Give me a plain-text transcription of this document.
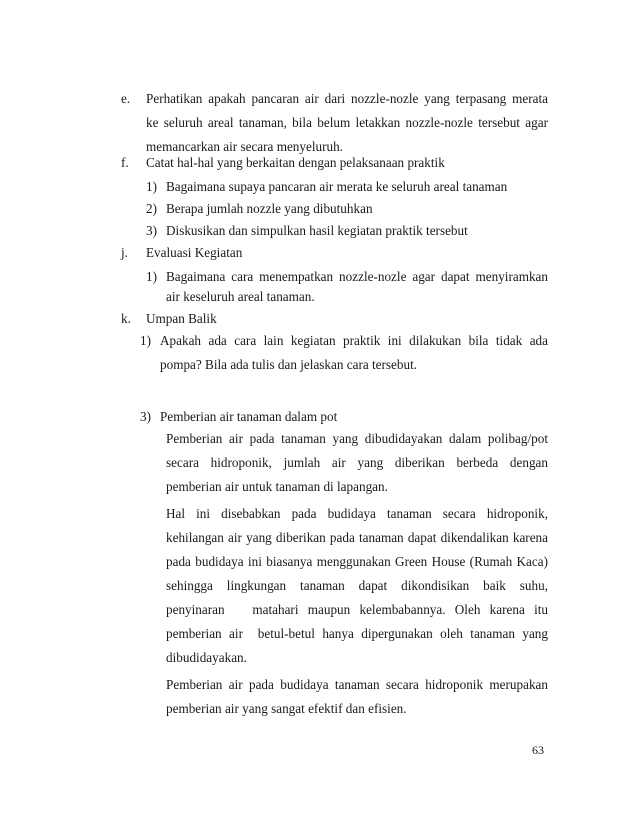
e. Perhatikan apakah pancaran air dari nozzle-nozle yang terpasang merata
ke seluruh areal tanaman, bila belum letakkan nozzle-nozle tersebut agar
memancarkan air secara menyeluruh.
f. Catat hal-hal yang berkaitan dengan pelaksanaan praktik
1) Bagaimana supaya pancaran air merata ke seluruh areal tanaman
2) Berapa jumlah nozzle yang dibutuhkan
3) Diskusikan dan simpulkan hasil kegiatan praktik tersebut
j. Evaluasi Kegiatan
1) Bagaimana cara menempatkan nozzle-nozle agar dapat menyiramkan
air keseluruh areal tanaman.
k. Umpan Balik
1) Apakah ada cara lain kegiatan praktik ini dilakukan bila tidak ada
pompa? Bila ada tulis dan jelaskan cara tersebut.
3) Pemberian air tanaman dalam pot
Pemberian air pada tanaman yang dibudidayakan dalam polibag/pot
secara hidroponik, jumlah air yang diberikan berbeda dengan
pemberian air untuk tanaman di lapangan.
Hal ini disebabkan pada budidaya tanaman secara hidroponik,
kehilangan air yang diberikan pada tanaman dapat dikendalikan karena
pada budidaya ini biasanya menggunakan Green House (Rumah Kaca)
sehingga lingkungan tanaman dapat dikondisikan baik suhu,
penyinaran   matahari maupun kelembabannya. Oleh karena itu
pemberian air  betul-betul hanya dipergunakan oleh tanaman yang
dibudidayakan.
Pemberian air pada budidaya tanaman secara hidroponik merupakan
pemberian air yang sangat efektif dan efisien.
63
